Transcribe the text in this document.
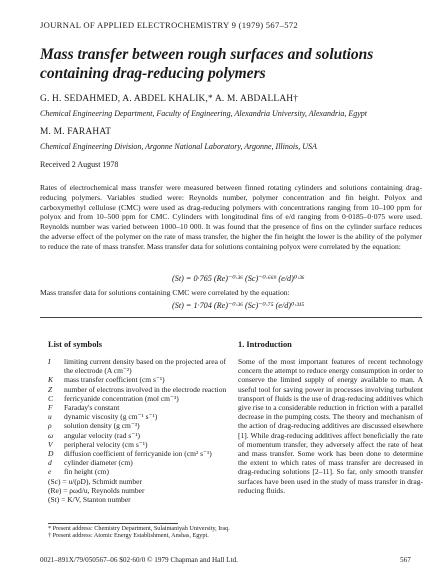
JOURNAL OF APPLIED ELECTROCHEMISTRY 9 (1979) 567–572
Mass transfer between rough surfaces and solutions
containing drag-reducing polymers
G. H. SEDAHMED, A. ABDEL KHALIK,* A. M. ABDALLAH†
Chemical Engineering Department, Faculty of Engineering, Alexandria University, Alexandria, Egypt
M. M. FARAHAT
Chemical Engineering Division, Argonne National Laboratory, Argonne, Illinois, USA
Received 2 August 1978

Rates of electrochemical mass transfer were measured between finned rotating cylinders and solutions containing drag-reducing polymers. Variables studied were: Reynolds number, polymer concentration and fin height. Polyox and carboxymethyl cellulose (CMC) were used as drag-reducing polymers with concentrations ranging from 10–100 ppm for polyox and from 10–500 ppm for CMC. Cylinders with longitudinal fins of e/d ranging from 0·0185–0·075 were used. Reynolds number was varied between 1000–10 000. It was found that the presence of fins on the cylinder surface reduces the adverse effect of the polymer on the rate of mass transfer, the higher the fin height the lower is the ability of the polymer to reduce the rate of mass transfer. Mass transfer data for solutions containing polyox were correlated by the equation:

(St) = 0·765 (Re)⁻⁰·³⁶ (Sc)⁻⁰·⁶⁶⁹ (e/d)⁰·³⁶
Mass transfer data for solutions containing CMC were correlated by the equation:
(St) = 1·704 (Re)⁻⁰·³⁶ (Sc)⁻⁰·⁷⁵ (e/d)⁰·³¹⁵
List of symbols	1. Introduction
I	limiting current density based on the projected area of the electrode (A cm⁻²)
K	mass transfer coefficient (cm s⁻¹)
Z	number of electrons involved in the electrode reaction
C	ferricyanide concentration (mol cm⁻³)
F	Faraday's constant
u	dynamic viscosity (g cm⁻¹ s⁻¹)
ρ	solution density (g cm⁻³)
ω	angular velocity (rad s⁻¹)
V	peripheral velocity (cm s⁻¹)
D	diffusion coefficient of ferricyanide ion (cm² s⁻¹)
d	cylinder diameter (cm)
e	fin height (cm)
(Sc) = u/(ρD), Schmidt number
(Re) = ρωd/u, Reynolds number
(St) = K/V, Stanton number
Some of the most important features of recent technology concern the attempt to reduce energy consumption in order to conserve the limited supply of energy available to man. A useful tool for saving power in processes involving turbulent transport of fluids is the use of drag-reducing additives which give rise to a considerable reduction in friction with a parallel decrease in the pumping costs. The theory and mechanism of the action of drag-reducing additives are discussed elsewhere [1]. While drag-reducing additives affect beneficially the rate of momentum transfer, they adversely affect the rate of heat and mass transfer. Some work has been done to determine the extent to which rates of mass transfer are decreased in drag-reducing solutions [2–11]. So far, only smooth transfer surfaces have been used in the study of mass transfer in drag-reducing fluids.
* Present address: Chemistry Department, Sulaimaniyah University, Iraq.
† Present address: Atomic Energy Establishment, Anshas, Egypt.
0021–891X/79/050567–06 $02·60/0 © 1979 Chapman and Hall Ltd.	567
